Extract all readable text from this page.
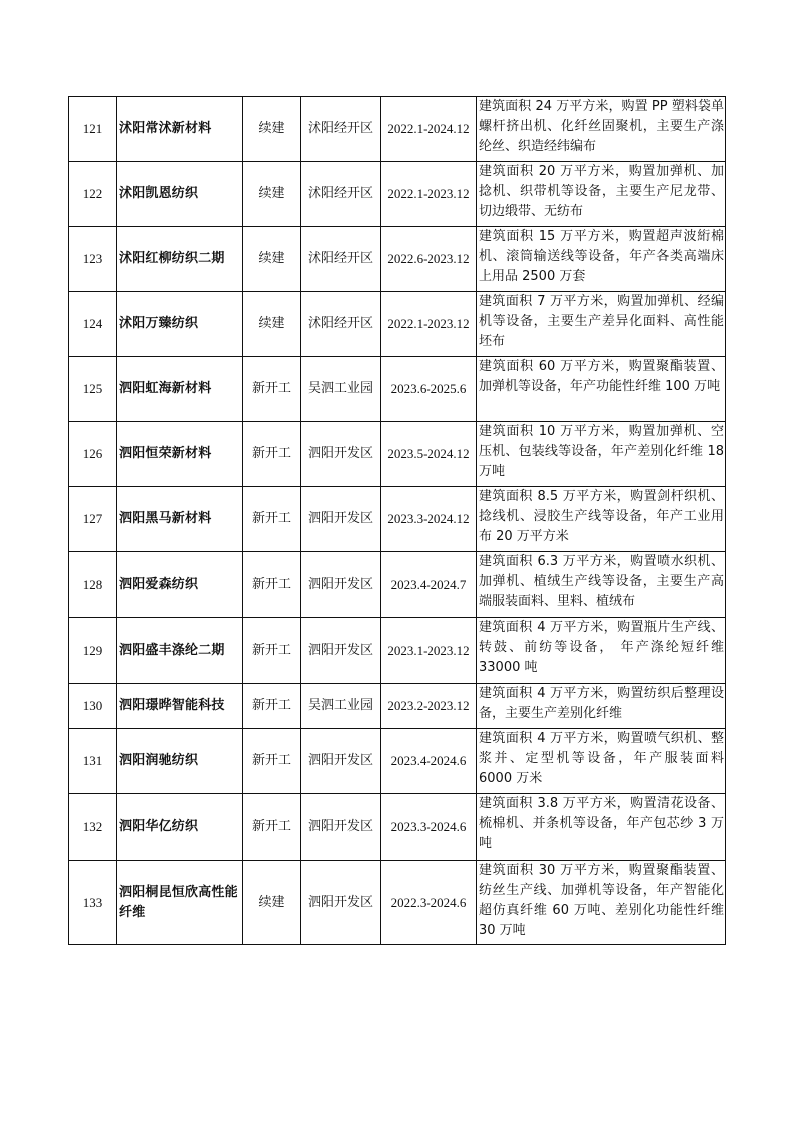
121	沭阳常沭新材料	续建	沭阳经开区	2022.1-2024.12	建筑面积 24 万平方米，购置 PP 塑料袋单螺杆挤出机、化纤丝固聚机，主要生产涤纶丝、织造经纬编布
122	沭阳凯恩纺织	续建	沭阳经开区	2022.1-2023.12	建筑面积 20 万平方米，购置加弹机、加捻机、织带机等设备，主要生产尼龙带、切边缎带、无纺布
123	沭阳红柳纺织二期	续建	沭阳经开区	2022.6-2023.12	建筑面积 15 万平方米，购置超声波絎棉机、滚筒输送线等设备，年产各类高端床上用品 2500 万套
124	沭阳万臻纺织	续建	沭阳经开区	2022.1-2023.12	建筑面积 7 万平方米，购置加弹机、经编机等设备，主要生产差异化面料、高性能坯布
125	泗阳虹海新材料	新开工	吴泗工业园	2023.6-2025.6	建筑面积 60 万平方米，购置聚酯装置、加弹机等设备，年产功能性纤维 100 万吨
126	泗阳恒荣新材料	新开工	泗阳开发区	2023.5-2024.12	建筑面积 10 万平方米，购置加弹机、空压机、包装线等设备，年产差别化纤维 18 万吨
127	泗阳黑马新材料	新开工	泗阳开发区	2023.3-2024.12	建筑面积 8.5 万平方米，购置剑杆织机、捻线机、浸胶生产线等设备，年产工业用布 20 万平方米
128	泗阳爱森纺织	新开工	泗阳开发区	2023.4-2024.7	建筑面积 6.3 万平方米，购置喷水织机、加弹机、植绒生产线等设备，主要生产高端服装面料、里料、植绒布
129	泗阳盛丰涤纶二期	新开工	泗阳开发区	2023.1-2023.12	建筑面积 4 万平方米，购置瓶片生产线、转鼓、前纺等设备， 年产涤纶短纤维 33000 吨
130	泗阳璟晔智能科技	新开工	吴泗工业园	2023.2-2023.12	建筑面积 4 万平方米，购置纺织后整理设备，主要生产差别化纤维
131	泗阳润驰纺织	新开工	泗阳开发区	2023.4-2024.6	建筑面积 4 万平方米，购置喷气织机、整浆并、定型机等设备，年产服装面料 6000 万米
132	泗阳华亿纺织	新开工	泗阳开发区	2023.3-2024.6	建筑面积 3.8 万平方米，购置清花设备、梳棉机、并条机等设备，年产包芯纱 3 万吨
133	泗阳桐昆恒欣高性能纤维	续建	泗阳开发区	2022.3-2024.6	建筑面积 30 万平方米，购置聚酯装置、纺丝生产线、加弹机等设备，年产智能化超仿真纤维 60 万吨、差别化功能性纤维 30 万吨
